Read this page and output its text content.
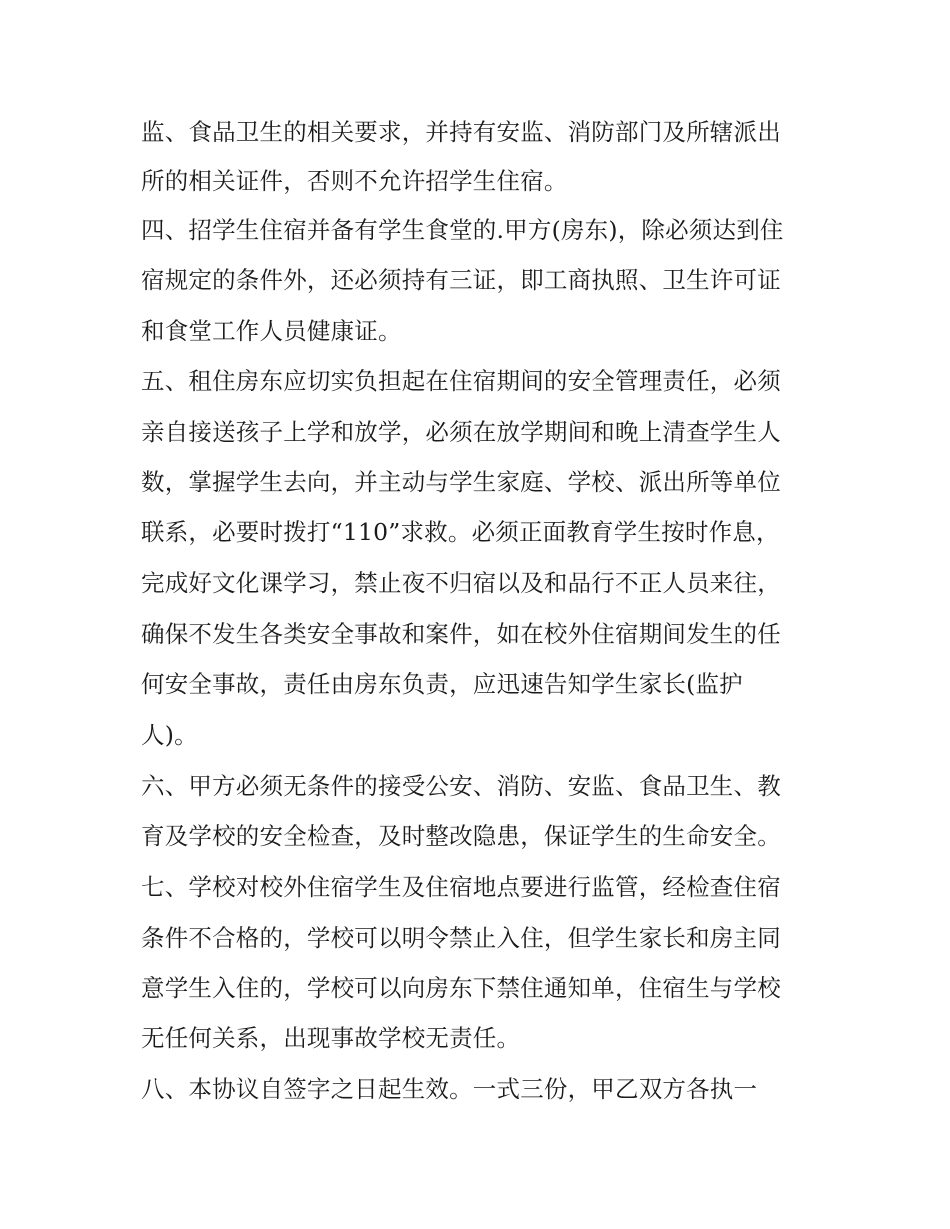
监、食品卫生的相关要求，并持有安监、消防部门及所辖派出
所的相关证件，否则不允许招学生住宿。
四、招学生住宿并备有学生食堂的.甲方(房东)，除必须达到住
宿规定的条件外，还必须持有三证，即工商执照、卫生许可证
和食堂工作人员健康证。
五、租住房东应切实负担起在住宿期间的安全管理责任，必须
亲自接送孩子上学和放学，必须在放学期间和晚上清查学生人
数，掌握学生去向，并主动与学生家庭、学校、派出所等单位
联系，必要时拨打“110”求救。必须正面教育学生按时作息，
完成好文化课学习，禁止夜不归宿以及和品行不正人员来往，
确保不发生各类安全事故和案件，如在校外住宿期间发生的任
何安全事故，责任由房东负责，应迅速告知学生家长(监护
人)。
六、甲方必须无条件的接受公安、消防、安监、食品卫生、教
育及学校的安全检查，及时整改隐患，保证学生的生命安全。
七、学校对校外住宿学生及住宿地点要进行监管，经检查住宿
条件不合格的，学校可以明令禁止入住，但学生家长和房主同
意学生入住的，学校可以向房东下禁住通知单，住宿生与学校
无任何关系，出现事故学校无责任。
八、本协议自签字之日起生效。一式三份，甲乙双方各执一
